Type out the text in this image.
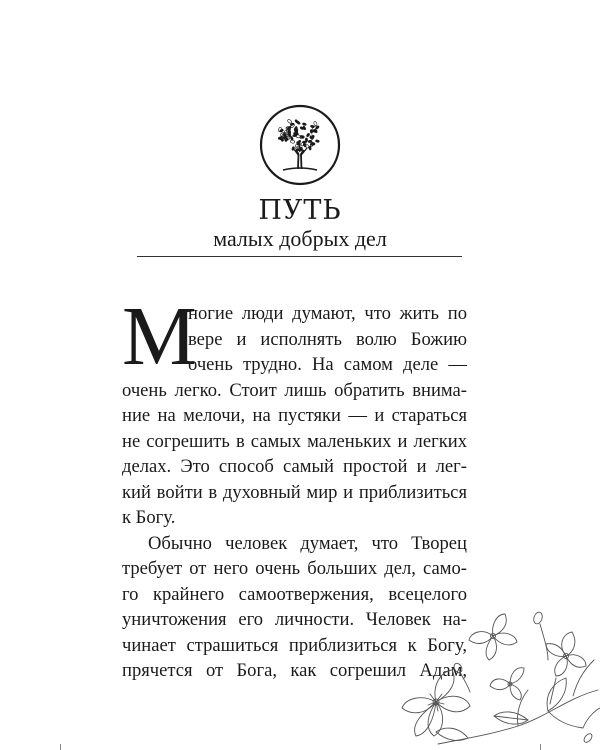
ПУТЬ
малых добрых дел
М
ногие люди думают, что жить по
вере и исполнять волю Божию
очень трудно. На самом деле —
очень легко. Стоит лишь обратить внима-
ние на мелочи, на пустяки — и стараться
не согрешить в самых маленьких и легких
делах. Это способ самый простой и лег-
кий войти в духовный мир и приблизиться
к Богу.
Обычно человек думает, что Творец
требует от него очень больших дел, само-
го крайнего самоотвержения, всецелого
уничтожения его личности. Человек на-
чинает страшиться приблизиться к Богу,
прячется от Бога, как согрешил Адам,
